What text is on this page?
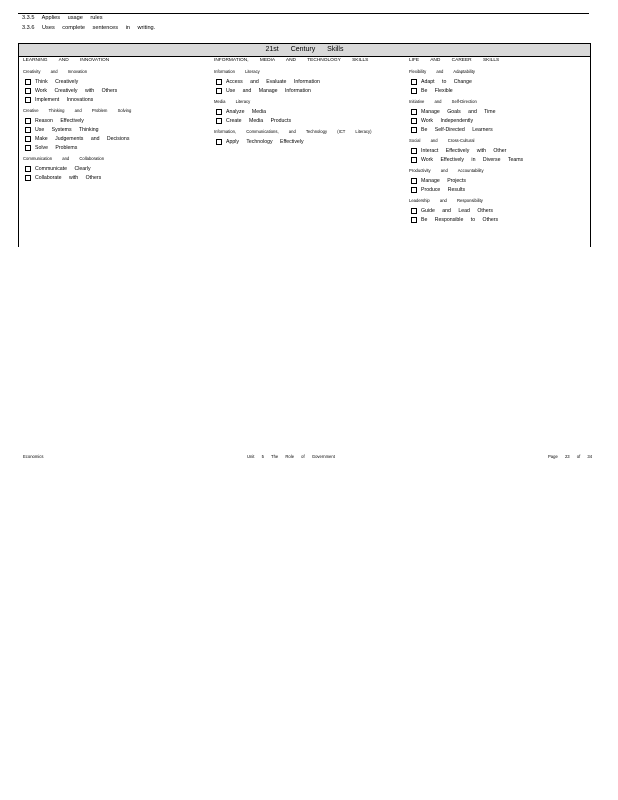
3.3.5 Applies usage rules
3.3.6 Uses complete sentences in writing.
21st Century Skills
LEARNING AND INNOVATION
Creativity and Innovation
Think Creatively
Work Creatively with Others
Implement Innovations
Creative Thinking and Problem Solving
Reason Effectively
Use Systems Thinking
Make Judgements and Decisions
Solve Problems
Communication and Collaboration
Communicate Clearly
Collaborate with Others
INFORMATION, MEDIA AND TECHNOLOGY SKILLS
Information Literacy
Access and Evaluate Information
Use and Manage Information
Media Literacy
Analyze Media
Create Media Products
Information, Communications, and Technology (ICT Literacy)
Apply Technology Effectively
LIFE AND CAREER SKILLS
Flexibility and Adaptability
Adapt to Change
Be Flexible
Initiative and Self-Direction
Manage Goals and Time
Work Independently
Be Self-Directed Learners
Social and Cross-Cultural
Interact Effectively with Other
Work Effectively in Diverse Teams
Productivity and Accountability
Manage Projects
Produce Results
Leadership and Responsibility
Guide and Lead Others
Be Responsible to Others
Economics	Unit 5 The Role of Government	Page 23 of 34
